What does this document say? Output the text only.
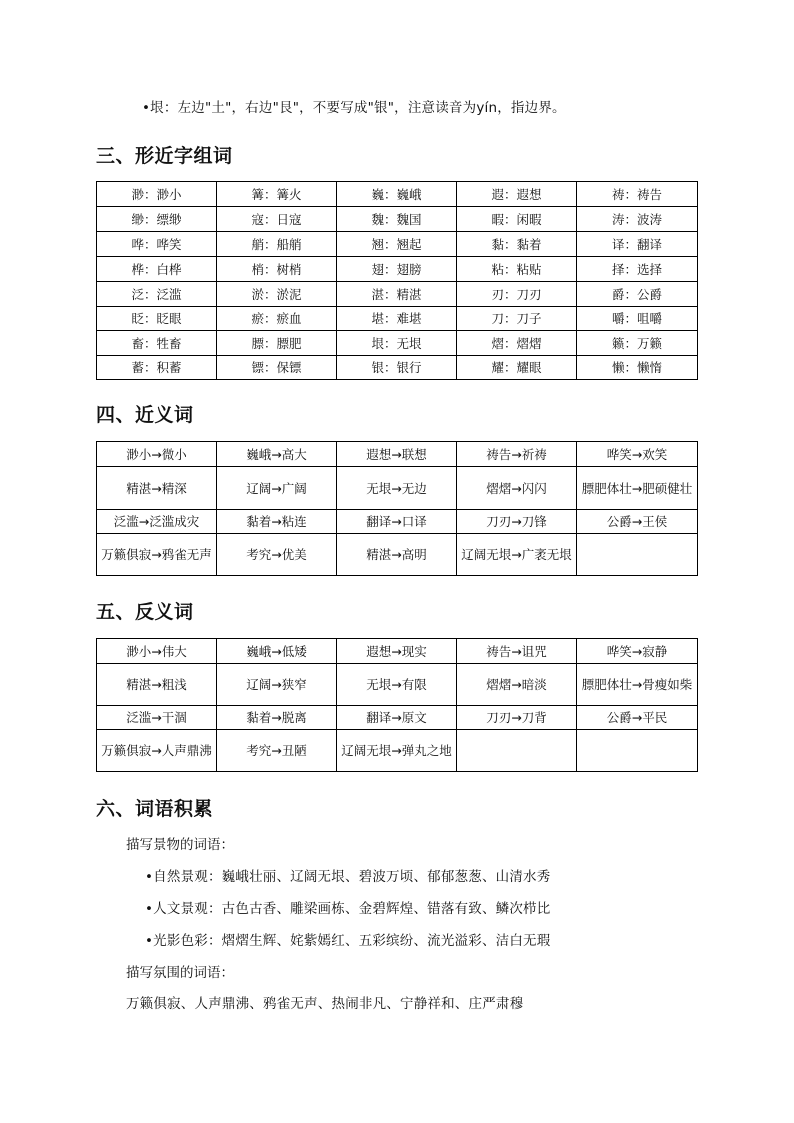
•垠：左边"土"，右边"艮"，不要写成"银"，注意读音为yín，指边界。
三、形近字组词
渺：渺小	篝：篝火	巍：巍峨	遐：遐想	祷：祷告
缈：缥缈	寇：日寇	魏：魏国	暇：闲暇	涛：波涛
哗：哗笑	艄：船艄	翘：翘起	黏：黏着	译：翻译
桦：白桦	梢：树梢	翅：翅膀	粘：粘贴	择：选择
泛：泛滥	淤：淤泥	湛：精湛	刃：刀刃	爵：公爵
眨：眨眼	瘀：瘀血	堪：难堪	刀：刀子	嚼：咀嚼
畜：牲畜	膘：膘肥	垠：无垠	熠：熠熠	籁：万籁
蓄：积蓄	镖：保镖	银：银行	耀：耀眼	懒：懒惰
四、近义词
渺小→微小	巍峨→高大	遐想→联想	祷告→祈祷	哗笑→欢笑
精湛→精深	辽阔→广阔	无垠→无边	熠熠→闪闪	膘肥体壮→肥硕健壮
泛滥→泛滥成灾	黏着→粘连	翻译→口译	刀刃→刀锋	公爵→王侯
万籁俱寂→鸦雀无声	考究→优美	精湛→高明	辽阔无垠→广袤无垠	
五、反义词
渺小→伟大	巍峨→低矮	遐想→现实	祷告→诅咒	哗笑→寂静
精湛→粗浅	辽阔→狭窄	无垠→有限	熠熠→暗淡	膘肥体壮→骨瘦如柴
泛滥→干涸	黏着→脱离	翻译→原文	刀刃→刀背	公爵→平民
万籁俱寂→人声鼎沸	考究→丑陋	辽阔无垠→弹丸之地		
六、词语积累
描写景物的词语：
•自然景观：巍峨壮丽、辽阔无垠、碧波万顷、郁郁葱葱、山清水秀
•人文景观：古色古香、雕梁画栋、金碧辉煌、错落有致、鳞次栉比
•光影色彩：熠熠生辉、姹紫嫣红、五彩缤纷、流光溢彩、洁白无瑕
描写氛围的词语：
万籁俱寂、人声鼎沸、鸦雀无声、热闹非凡、宁静祥和、庄严肃穆
